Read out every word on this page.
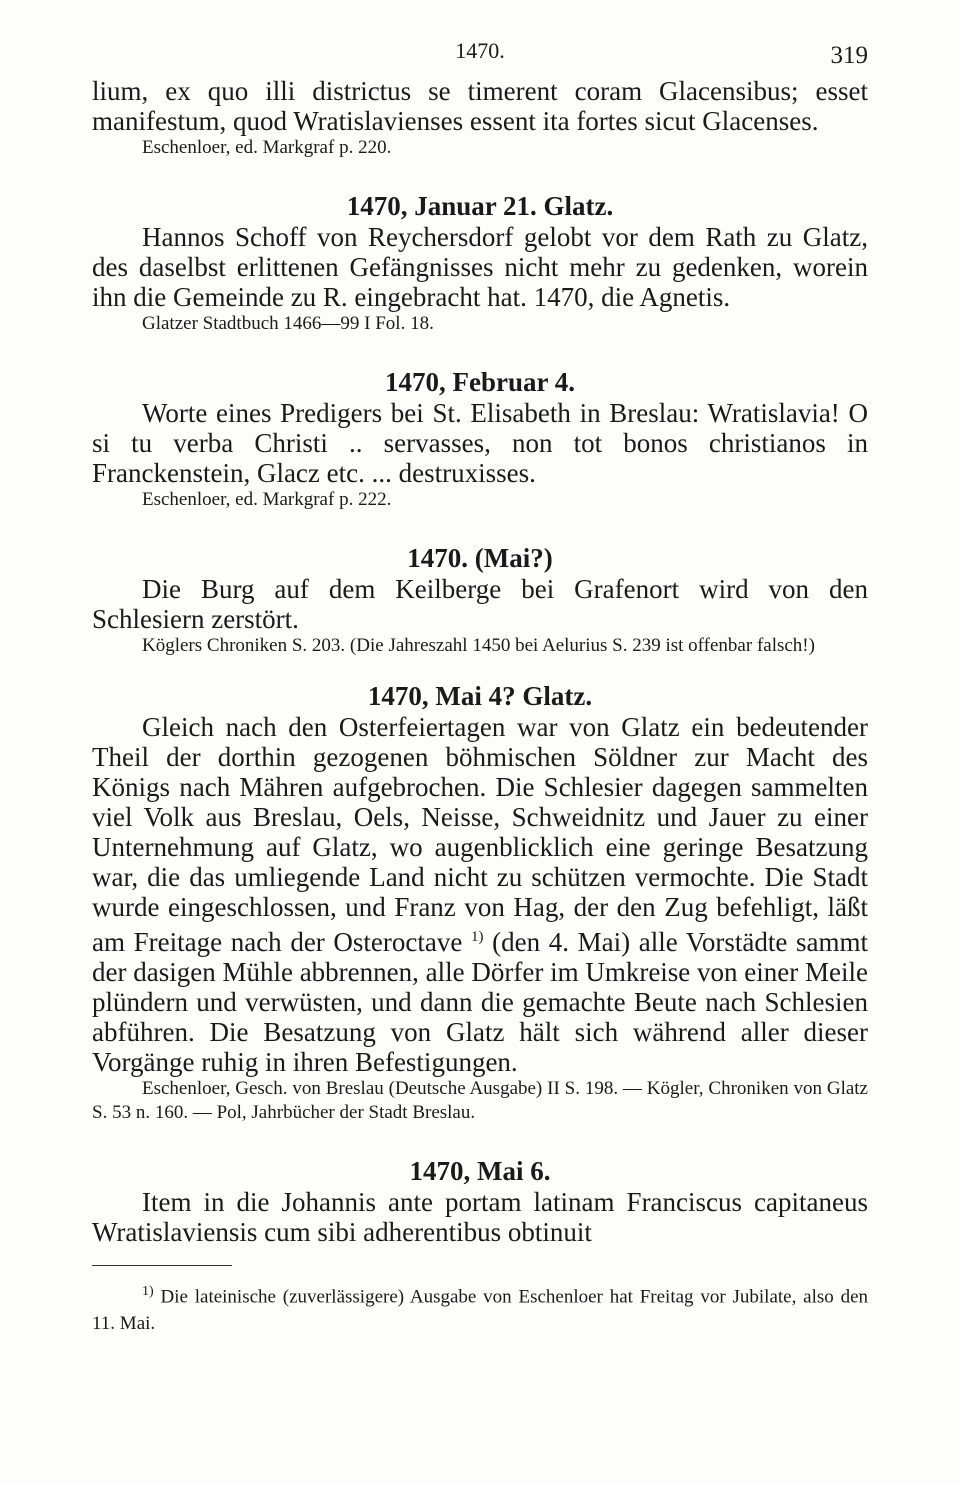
1470.	319

lium, ex quo illi districtus se timerent coram Glacensibus; esset manifestum, quod Wratislavienses essent ita fortes sicut Glacenses.

Eschenloer, ed. Markgraf p. 220.

1470, Januar 21. Glatz.

Hannos Schoff von Reychersdorf gelobt vor dem Rath zu Glatz, des daselbst erlittenen Gefängnisses nicht mehr zu gedenken, worein ihn die Gemeinde zu R. eingebracht hat. 1470, die Agnetis.

Glatzer Stadtbuch 1466—99 I Fol. 18.

1470, Februar 4.

Worte eines Predigers bei St. Elisabeth in Breslau: Wratislavia! O si tu verba Christi .. servasses, non tot bonos christianos in Franckenstein, Glacz etc. ... destruxisses.

Eschenloer, ed. Markgraf p. 222.

1470. (Mai?)

Die Burg auf dem Keilberge bei Grafenort wird von den Schlesiern zerstört.

Köglers Chroniken S. 203. (Die Jahreszahl 1450 bei Aelurius S. 239 ist offenbar falsch!)

1470, Mai 4? Glatz.

Gleich nach den Osterfeiertagen war von Glatz ein bedeutender Theil der dorthin gezogenen böhmischen Söldner zur Macht des Königs nach Mähren aufgebrochen. Die Schlesier dagegen sammelten viel Volk aus Breslau, Oels, Neisse, Schweidnitz und Jauer zu einer Unternehmung auf Glatz, wo augenblicklich eine geringe Besatzung war, die das umliegende Land nicht zu schützen vermochte. Die Stadt wurde eingeschlossen, und Franz von Hag, der den Zug befehligt, läßt am Freitage nach der Osteroctave $^{1)}$ (den 4. Mai) alle Vorstädte sammt der dasigen Mühle abbrennen, alle Dörfer im Umkreise von einer Meile plündern und verwüsten, und dann die gemachte Beute nach Schlesien abführen. Die Besatzung von Glatz hält sich während aller dieser Vorgänge ruhig in ihren Befestigungen.

Eschenloer, Gesch. von Breslau (Deutsche Ausgabe) II S. 198. — Kögler, Chroniken von Glatz S. 53 n. 160. — Pol, Jahrbücher der Stadt Breslau.

1470, Mai 6.

Item in die Johannis ante portam latinam Franciscus capitaneus Wratislaviensis cum sibi adherentibus obtinuit

$^{1)}$ Die lateinische (zuverlässigere) Ausgabe von Eschenloer hat Freitag vor Jubilate, also den 11. Mai.
